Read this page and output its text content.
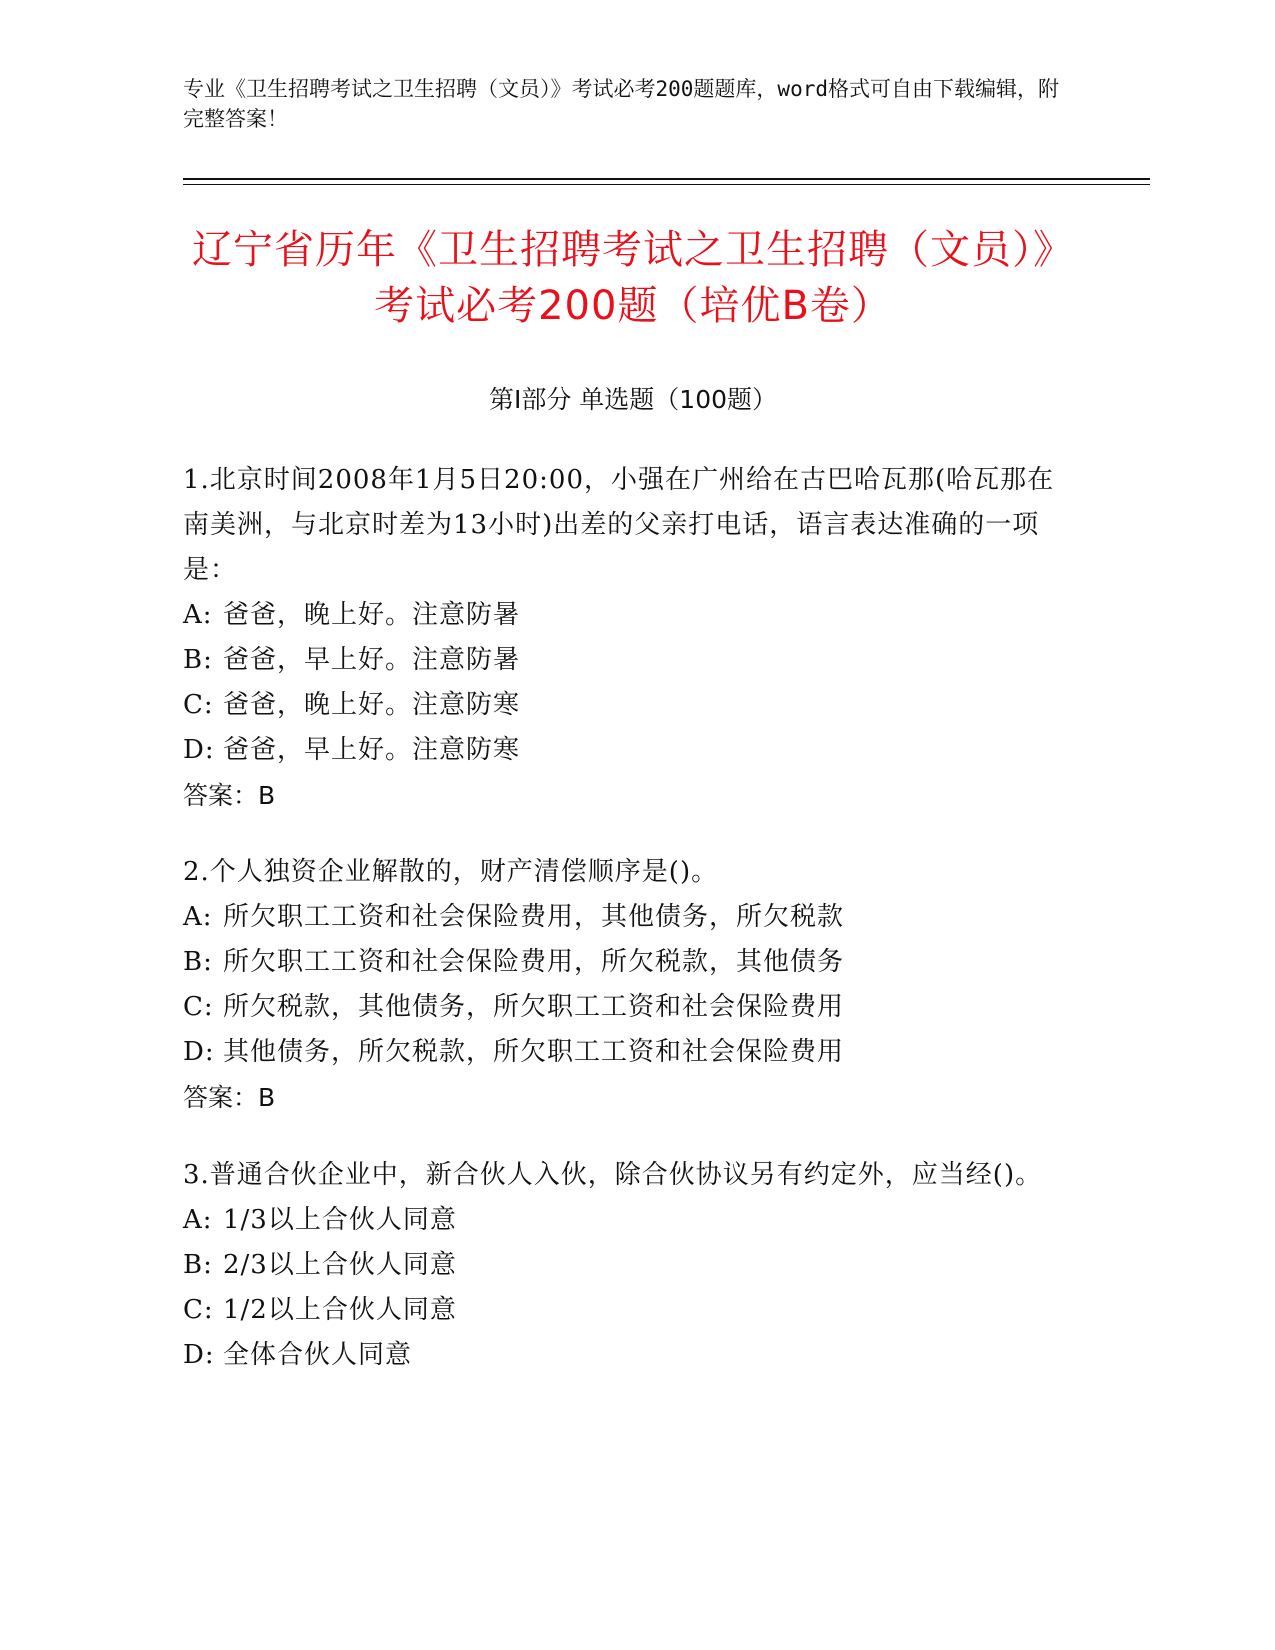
专业《卫生招聘考试之卫生招聘（文员）》考试必考200题题库，word格式可自由下载编辑，附完整答案！
辽宁省历年《卫生招聘考试之卫生招聘（文员）》考试必考200题（培优B卷）
第Ⅰ部分 单选题（100题）
1.北京时间2008年1月5日20:00，小强在广州给在古巴哈瓦那(哈瓦那在南美洲，与北京时差为13小时)出差的父亲打电话，语言表达准确的一项是：
A: 爸爸，晚上好。注意防暑
B: 爸爸，早上好。注意防暑
C: 爸爸，晚上好。注意防寒
D: 爸爸，早上好。注意防寒
答案：B
2.个人独资企业解散的，财产清偿顺序是()。
A: 所欠职工工资和社会保险费用，其他债务，所欠税款
B: 所欠职工工资和社会保险费用，所欠税款，其他债务
C: 所欠税款，其他债务，所欠职工工资和社会保险费用
D: 其他债务，所欠税款，所欠职工工资和社会保险费用
答案：B
3.普通合伙企业中，新合伙人入伙，除合伙协议另有约定外，应当经()。
A: 1/3以上合伙人同意
B: 2/3以上合伙人同意
C: 1/2以上合伙人同意
D: 全体合伙人同意
